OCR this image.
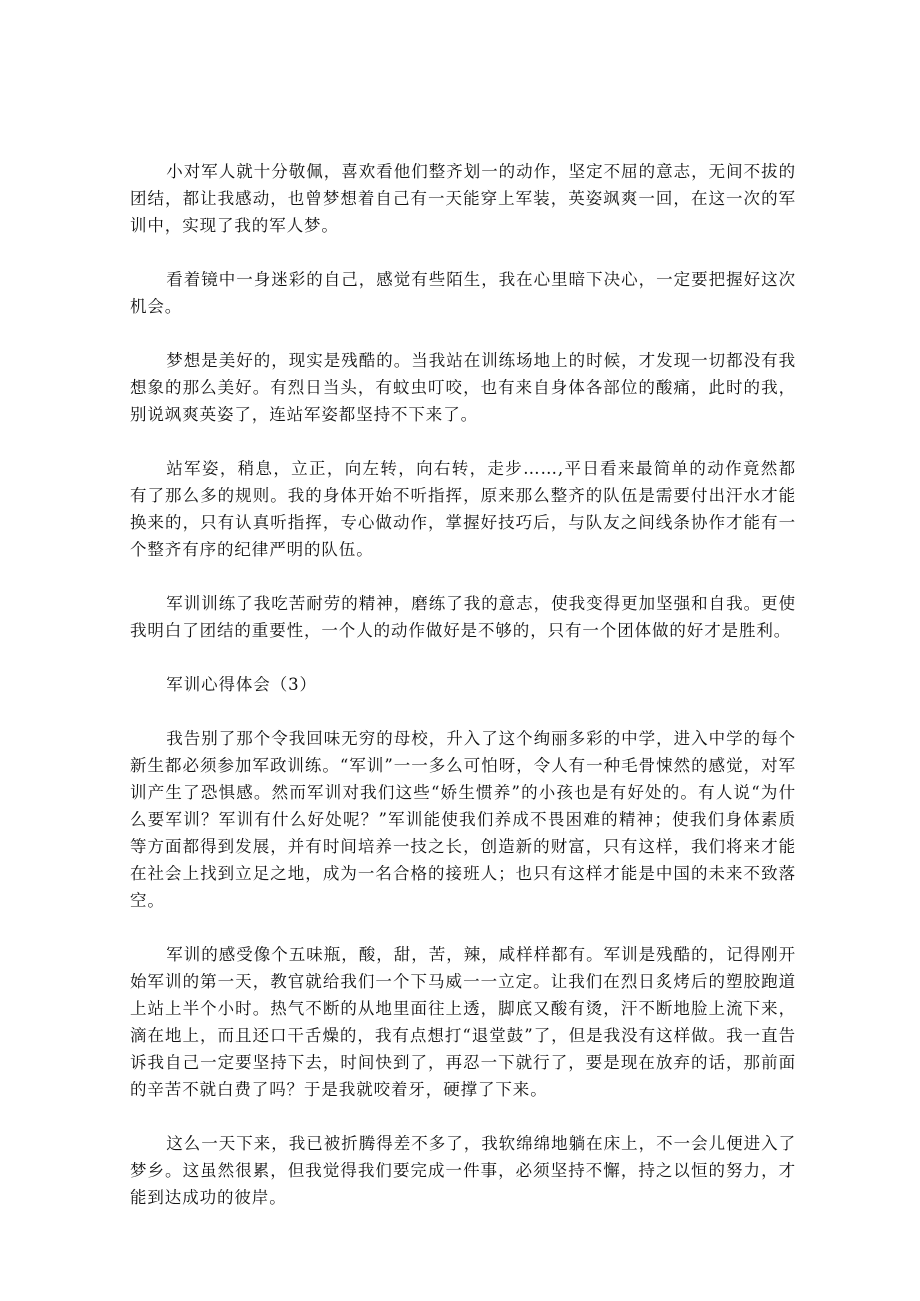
小对军人就十分敬佩，喜欢看他们整齐划一的动作，坚定不屈的意志，无间不拔的团结，都让我感动，也曾梦想着自己有一天能穿上军装，英姿飒爽一回，在这一次的军训中，实现了我的军人梦。

看着镜中一身迷彩的自己，感觉有些陌生，我在心里暗下决心，一定要把握好这次机会。

梦想是美好的，现实是残酷的。当我站在训练场地上的时候，才发现一切都没有我想象的那么美好。有烈日当头，有蚊虫叮咬，也有来自身体各部位的酸痛，此时的我，别说飒爽英姿了，连站军姿都坚持不下来了。

站军姿，稍息，立正，向左转，向右转，走步……,平日看来最简单的动作竟然都有了那么多的规则。我的身体开始不听指挥，原来那么整齐的队伍是需要付出汗水才能换来的，只有认真听指挥，专心做动作，掌握好技巧后，与队友之间线条协作才能有一个整齐有序的纪律严明的队伍。

军训训练了我吃苦耐劳的精神，磨练了我的意志，使我变得更加坚强和自我。更使我明白了团结的重要性，一个人的动作做好是不够的，只有一个团体做的好才是胜利。

军训心得体会（3）

我告别了那个令我回味无穷的母校，升入了这个绚丽多彩的中学，进入中学的每个新生都必须参加军政训练。“军训”一一多么可怕呀，令人有一种毛骨悚然的感觉，对军训产生了恐惧感。然而军训对我们这些“娇生惯养”的小孩也是有好处的。有人说“为什么要军训？军训有什么好处呢？”军训能使我们养成不畏困难的精神；使我们身体素质等方面都得到发展，并有时间培养一技之长，创造新的财富，只有这样，我们将来才能在社会上找到立足之地，成为一名合格的接班人；也只有这样才能是中国的未来不致落空。

军训的感受像个五味瓶，酸，甜，苦，辣，咸样样都有。军训是残酷的，记得刚开始军训的第一天，教官就给我们一个下马威一一立定。让我们在烈日炙烤后的塑胶跑道上站上半个小时。热气不断的从地里面往上透，脚底又酸有烫，汗不断地脸上流下来，滴在地上，而且还口干舌燥的，我有点想打“退堂鼓”了，但是我没有这样做。我一直告诉我自己一定要坚持下去，时间快到了，再忍一下就行了，要是现在放弃的话，那前面的辛苦不就白费了吗？于是我就咬着牙，硬撑了下来。

这么一天下来，我已被折腾得差不多了，我软绵绵地躺在床上，不一会儿便进入了梦乡。这虽然很累，但我觉得我们要完成一件事，必须坚持不懈，持之以恒的努力，才能到达成功的彼岸。
